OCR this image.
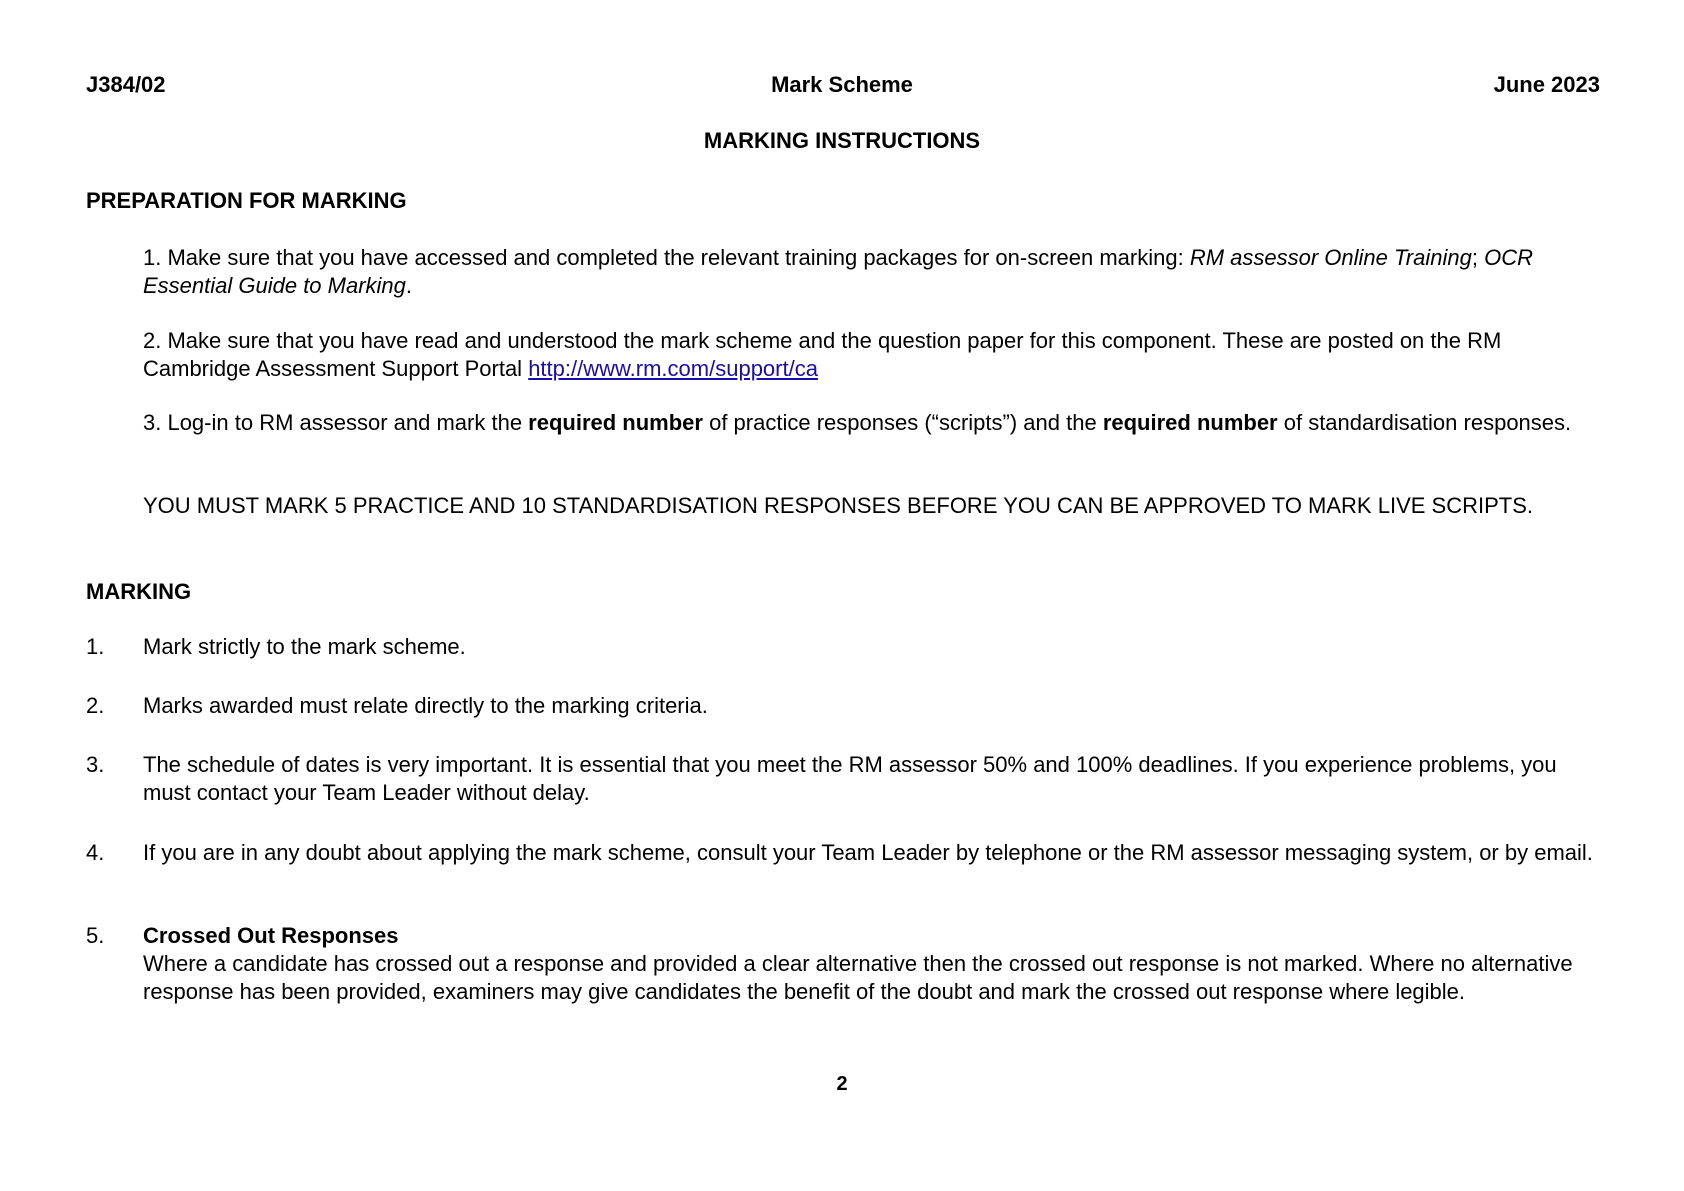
J384/02	Mark Scheme	June 2023
MARKING INSTRUCTIONS
PREPARATION FOR MARKING
1. Make sure that you have accessed and completed the relevant training packages for on-screen marking: RM assessor Online Training; OCR Essential Guide to Marking.
2. Make sure that you have read and understood the mark scheme and the question paper for this component. These are posted on the RM Cambridge Assessment Support Portal http://www.rm.com/support/ca
3. Log-in to RM assessor and mark the required number of practice responses (“scripts”) and the required number of standardisation responses.
YOU MUST MARK 5 PRACTICE AND 10 STANDARDISATION RESPONSES BEFORE YOU CAN BE APPROVED TO MARK LIVE SCRIPTS.
MARKING
1. Mark strictly to the mark scheme.
2. Marks awarded must relate directly to the marking criteria.
3. The schedule of dates is very important. It is essential that you meet the RM assessor 50% and 100% deadlines. If you experience problems, you must contact your Team Leader without delay.
4. If you are in any doubt about applying the mark scheme, consult your Team Leader by telephone or the RM assessor messaging system, or by email.
5. Crossed Out Responses
Where a candidate has crossed out a response and provided a clear alternative then the crossed out response is not marked. Where no alternative response has been provided, examiners may give candidates the benefit of the doubt and mark the crossed out response where legible.
2
